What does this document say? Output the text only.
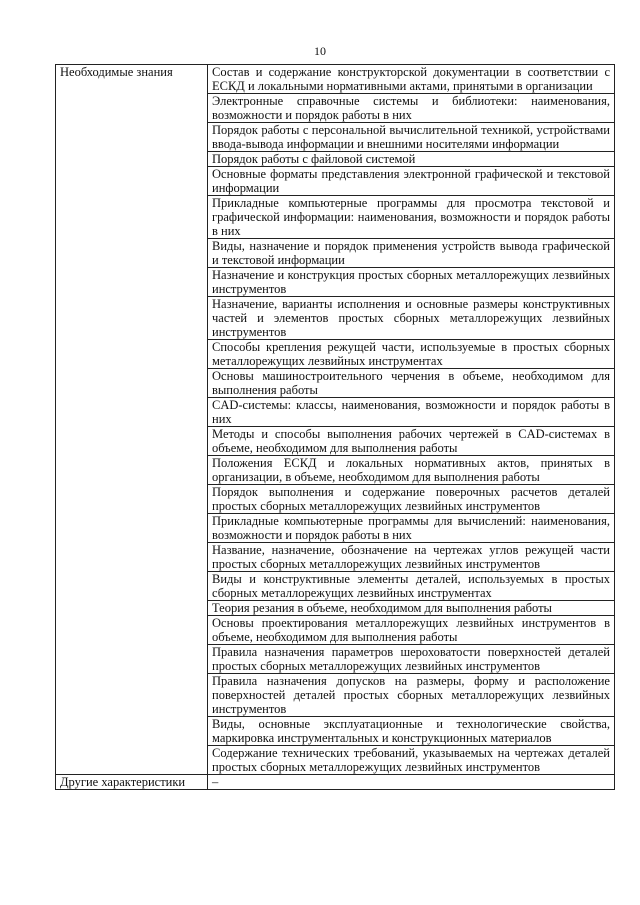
10
Необходимые знания	Состав и содержание конструкторской документации в соответствии с ЕСКД и локальными нормативными актами, принятыми в организации
	Электронные справочные системы и библиотеки: наименования, возможности и порядок работы в них
	Порядок работы с персональной вычислительной техникой, устройствами ввода-вывода информации и внешними носителями информации
	Порядок работы с файловой системой
	Основные форматы представления электронной графической и текстовой информации
	Прикладные компьютерные программы для просмотра текстовой и графической информации: наименования, возможности и порядок работы в них
	Виды, назначение и порядок применения устройств вывода графической и текстовой информации
	Назначение и конструкция простых сборных металлорежущих лезвийных инструментов
	Назначение, варианты исполнения и основные размеры конструктивных частей и элементов простых сборных металлорежущих лезвийных инструментов
	Способы крепления режущей части, используемые в простых сборных металлорежущих лезвийных инструментах
	Основы машиностроительного черчения в объеме, необходимом для выполнения работы
	CAD-системы: классы, наименования, возможности и порядок работы в них
	Методы и способы выполнения рабочих чертежей в CAD-системах в объеме, необходимом для выполнения работы
	Положения ЕСКД и локальных нормативных актов, принятых в организации, в объеме, необходимом для выполнения работы
	Порядок выполнения и содержание поверочных расчетов деталей простых сборных металлорежущих лезвийных инструментов
	Прикладные компьютерные программы для вычислений: наименования, возможности и порядок работы в них
	Название, назначение, обозначение на чертежах углов режущей части простых сборных металлорежущих лезвийных инструментов
	Виды и конструктивные элементы деталей, используемых в простых сборных металлорежущих лезвийных инструментах
	Теория резания в объеме, необходимом для выполнения работы
	Основы проектирования металлорежущих лезвийных инструментов в объеме, необходимом для выполнения работы
	Правила назначения параметров шероховатости поверхностей деталей простых сборных металлорежущих лезвийных инструментов
	Правила назначения допусков на размеры, форму и расположение поверхностей деталей простых сборных металлорежущих лезвийных инструментов
	Виды, основные эксплуатационные и технологические свойства, маркировка инструментальных и конструкционных материалов
	Содержание технических требований, указываемых на чертежах деталей простых сборных металлорежущих лезвийных инструментов
Другие характеристики	–
